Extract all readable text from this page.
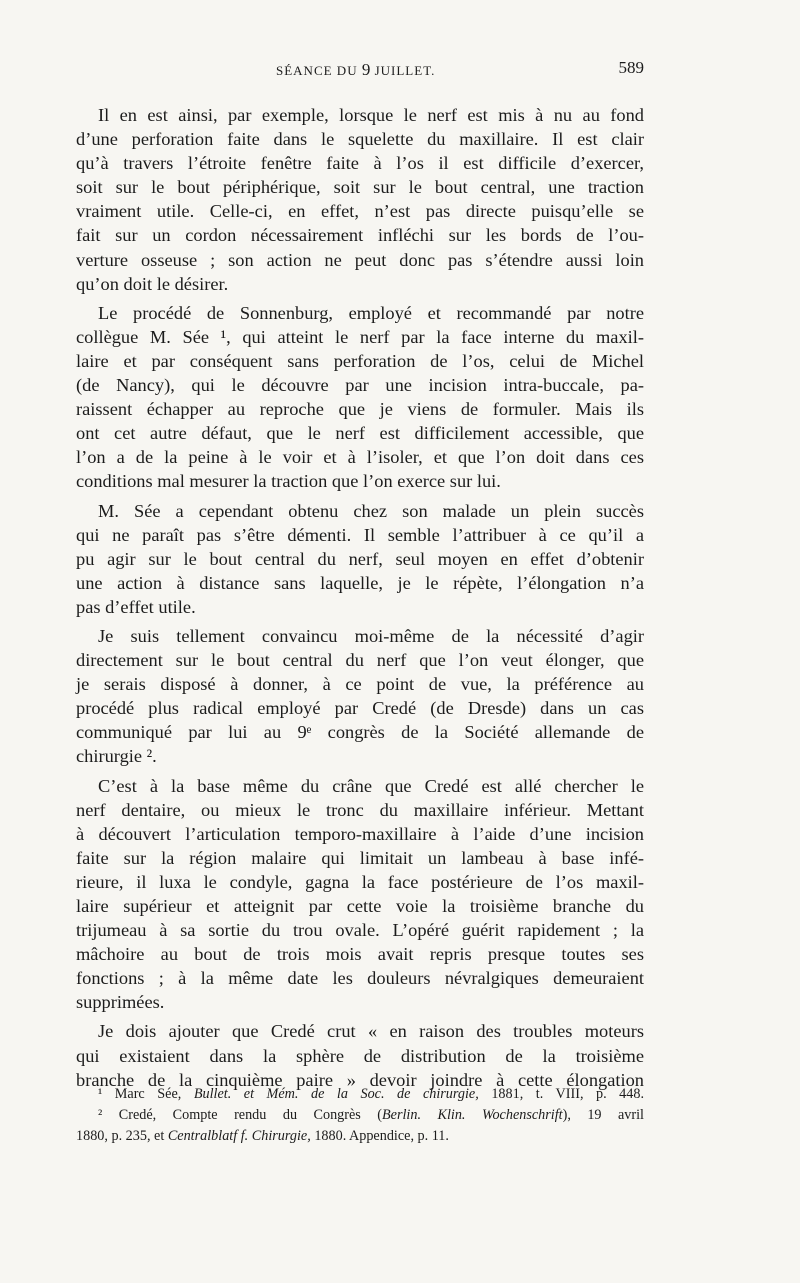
SÉANCE DU 9 JUILLET.	589

Il en est ainsi, par exemple, lorsque le nerf est mis à nu au fond
d’une perforation faite dans le squelette du maxillaire. Il est clair
qu’à travers l’étroite fenêtre faite à l’os il est difficile d’exercer,
soit sur le bout périphérique, soit sur le bout central, une traction
vraiment utile. Celle-ci, en effet, n’est pas directe puisqu’elle se
fait sur un cordon nécessairement infléchi sur les bords de l’ou-
verture osseuse ; son action ne peut donc pas s’étendre aussi loin
qu’on doit le désirer.

Le procédé de Sonnenburg, employé et recommandé par notre
collègue M. Sée ¹, qui atteint le nerf par la face interne du maxil-
laire et par conséquent sans perforation de l’os, celui de Michel
(de Nancy), qui le découvre par une incision intra-buccale, pa-
raissent échapper au reproche que je viens de formuler. Mais ils
ont cet autre défaut, que le nerf est difficilement accessible, que
l’on a de la peine à le voir et à l’isoler, et que l’on doit dans ces
conditions mal mesurer la traction que l’on exerce sur lui.

M. Sée a cependant obtenu chez son malade un plein succès
qui ne paraît pas s’être démenti. Il semble l’attribuer à ce qu’il a
pu agir sur le bout central du nerf, seul moyen en effet d’obtenir
une action à distance sans laquelle, je le répète, l’élongation n’a
pas d’effet utile.

Je suis tellement convaincu moi-même de la nécessité d’agir
directement sur le bout central du nerf que l’on veut élonger, que
je serais disposé à donner, à ce point de vue, la préférence au
procédé plus radical employé par Credé (de Dresde) dans un cas
communiqué par lui au 9ᵉ congrès de la Société allemande de
chirurgie ².

C’est à la base même du crâne que Credé est allé chercher le
nerf dentaire, ou mieux le tronc du maxillaire inférieur. Mettant
à découvert l’articulation temporo-maxillaire à l’aide d’une incision
faite sur la région malaire qui limitait un lambeau à base infé-
rieure, il luxa le condyle, gagna la face postérieure de l’os maxil-
laire supérieur et atteignit par cette voie la troisième branche du
trijumeau à sa sortie du trou ovale. L’opéré guérit rapidement ; la
mâchoire au bout de trois mois avait repris presque toutes ses
fonctions ; à la même date les douleurs névralgiques demeuraient
supprimées.

Je dois ajouter que Credé crut « en raison des troubles moteurs
qui existaient dans la sphère de distribution de la troisième
branche de la cinquième paire » devoir joindre à cette élongation

¹ Marc Sée, Bullet. et Mém. de la Soc. de chirurgie, 1881, t. VIII, p. 448.
² Credé, Compte rendu du Congrès (Berlin. Klin. Wochenschrift), 19 avril
1880, p. 235, et Centralblatf f. Chirurgie, 1880. Appendice, p. 11.
